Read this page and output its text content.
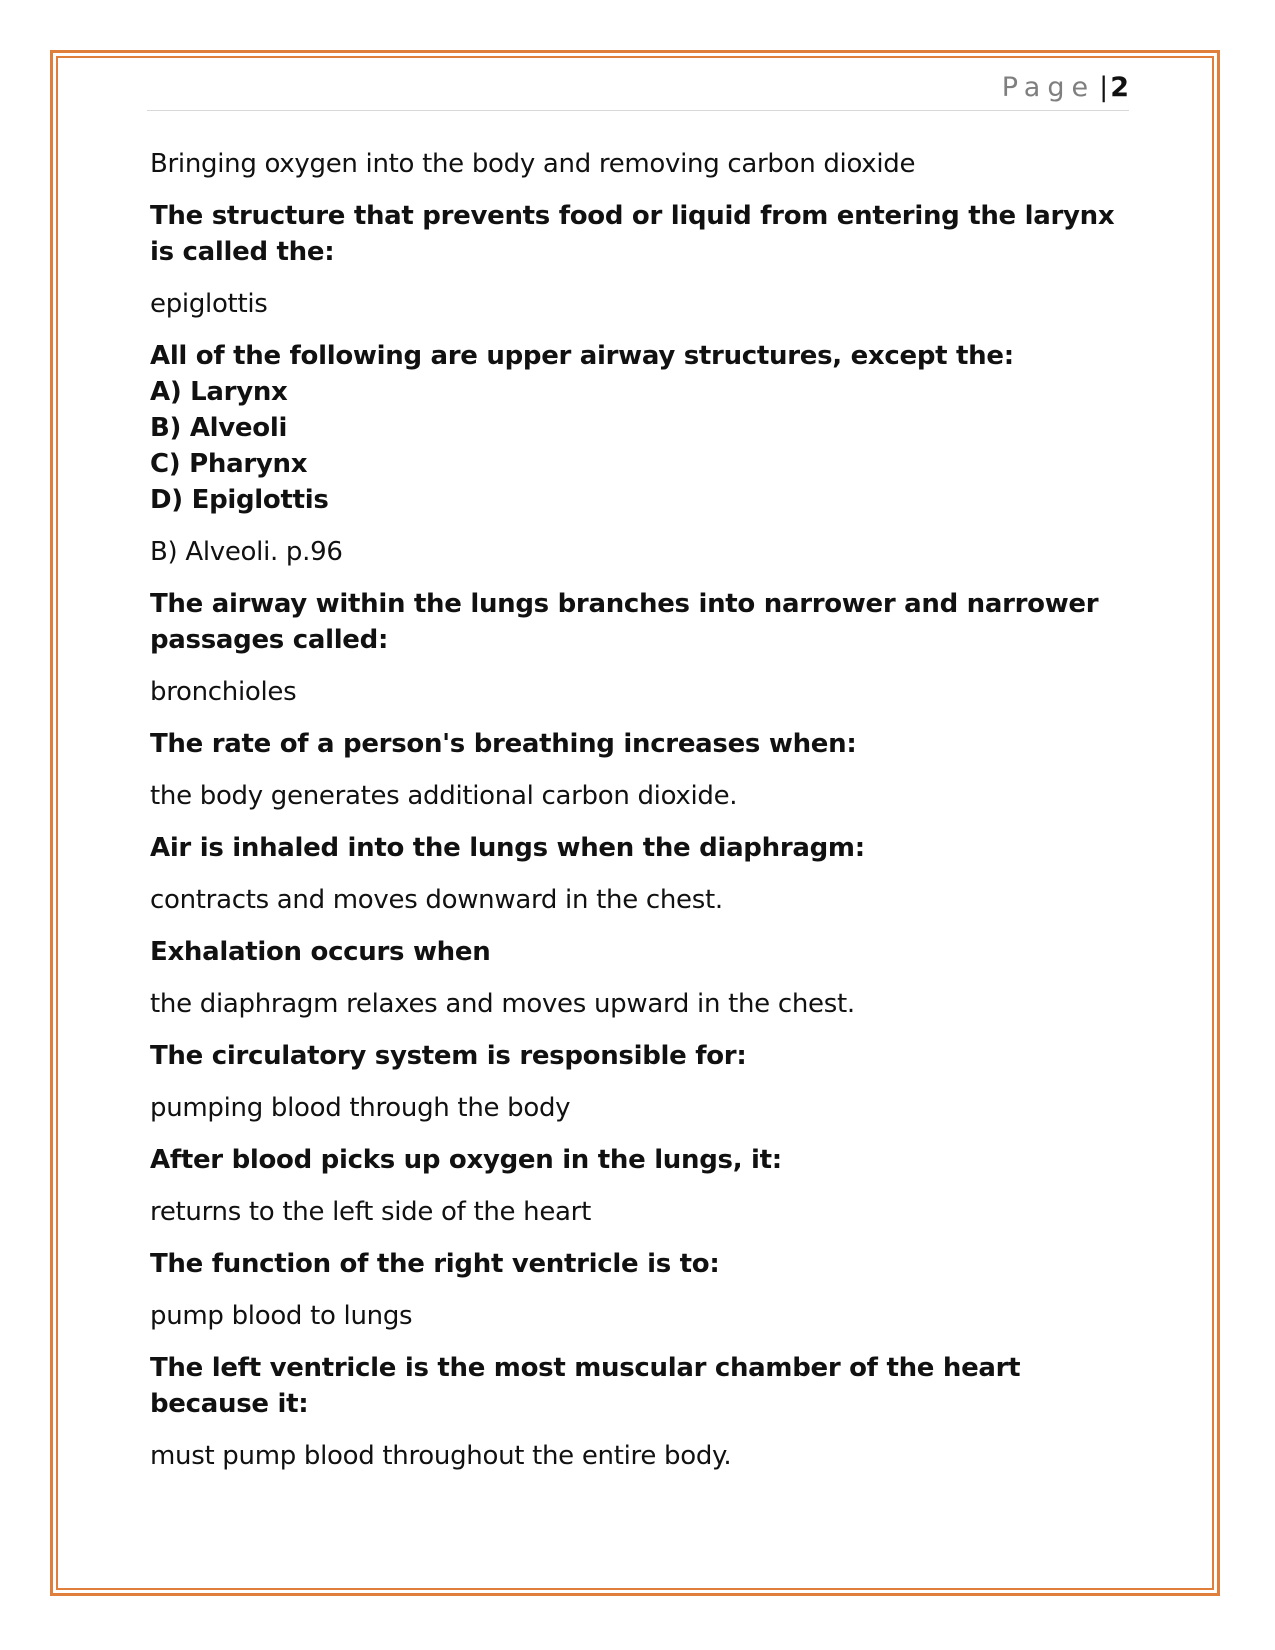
Page |2

Bringing oxygen into the body and removing carbon dioxide

The structure that prevents food or liquid from entering the larynx is called the:

epiglottis

All of the following are upper airway structures, except the:
A) Larynx
B) Alveoli
C) Pharynx
D) Epiglottis

B) Alveoli. p.96

The airway within the lungs branches into narrower and narrower passages called:

bronchioles

The rate of a person's breathing increases when:

the body generates additional carbon dioxide.

Air is inhaled into the lungs when the diaphragm:

contracts and moves downward in the chest.

Exhalation occurs when

the diaphragm relaxes and moves upward in the chest.

The circulatory system is responsible for:

pumping blood through the body

After blood picks up oxygen in the lungs, it:

returns to the left side of the heart

The function of the right ventricle is to:

pump blood to lungs

The left ventricle is the most muscular chamber of the heart because it:

must pump blood throughout the entire body.
